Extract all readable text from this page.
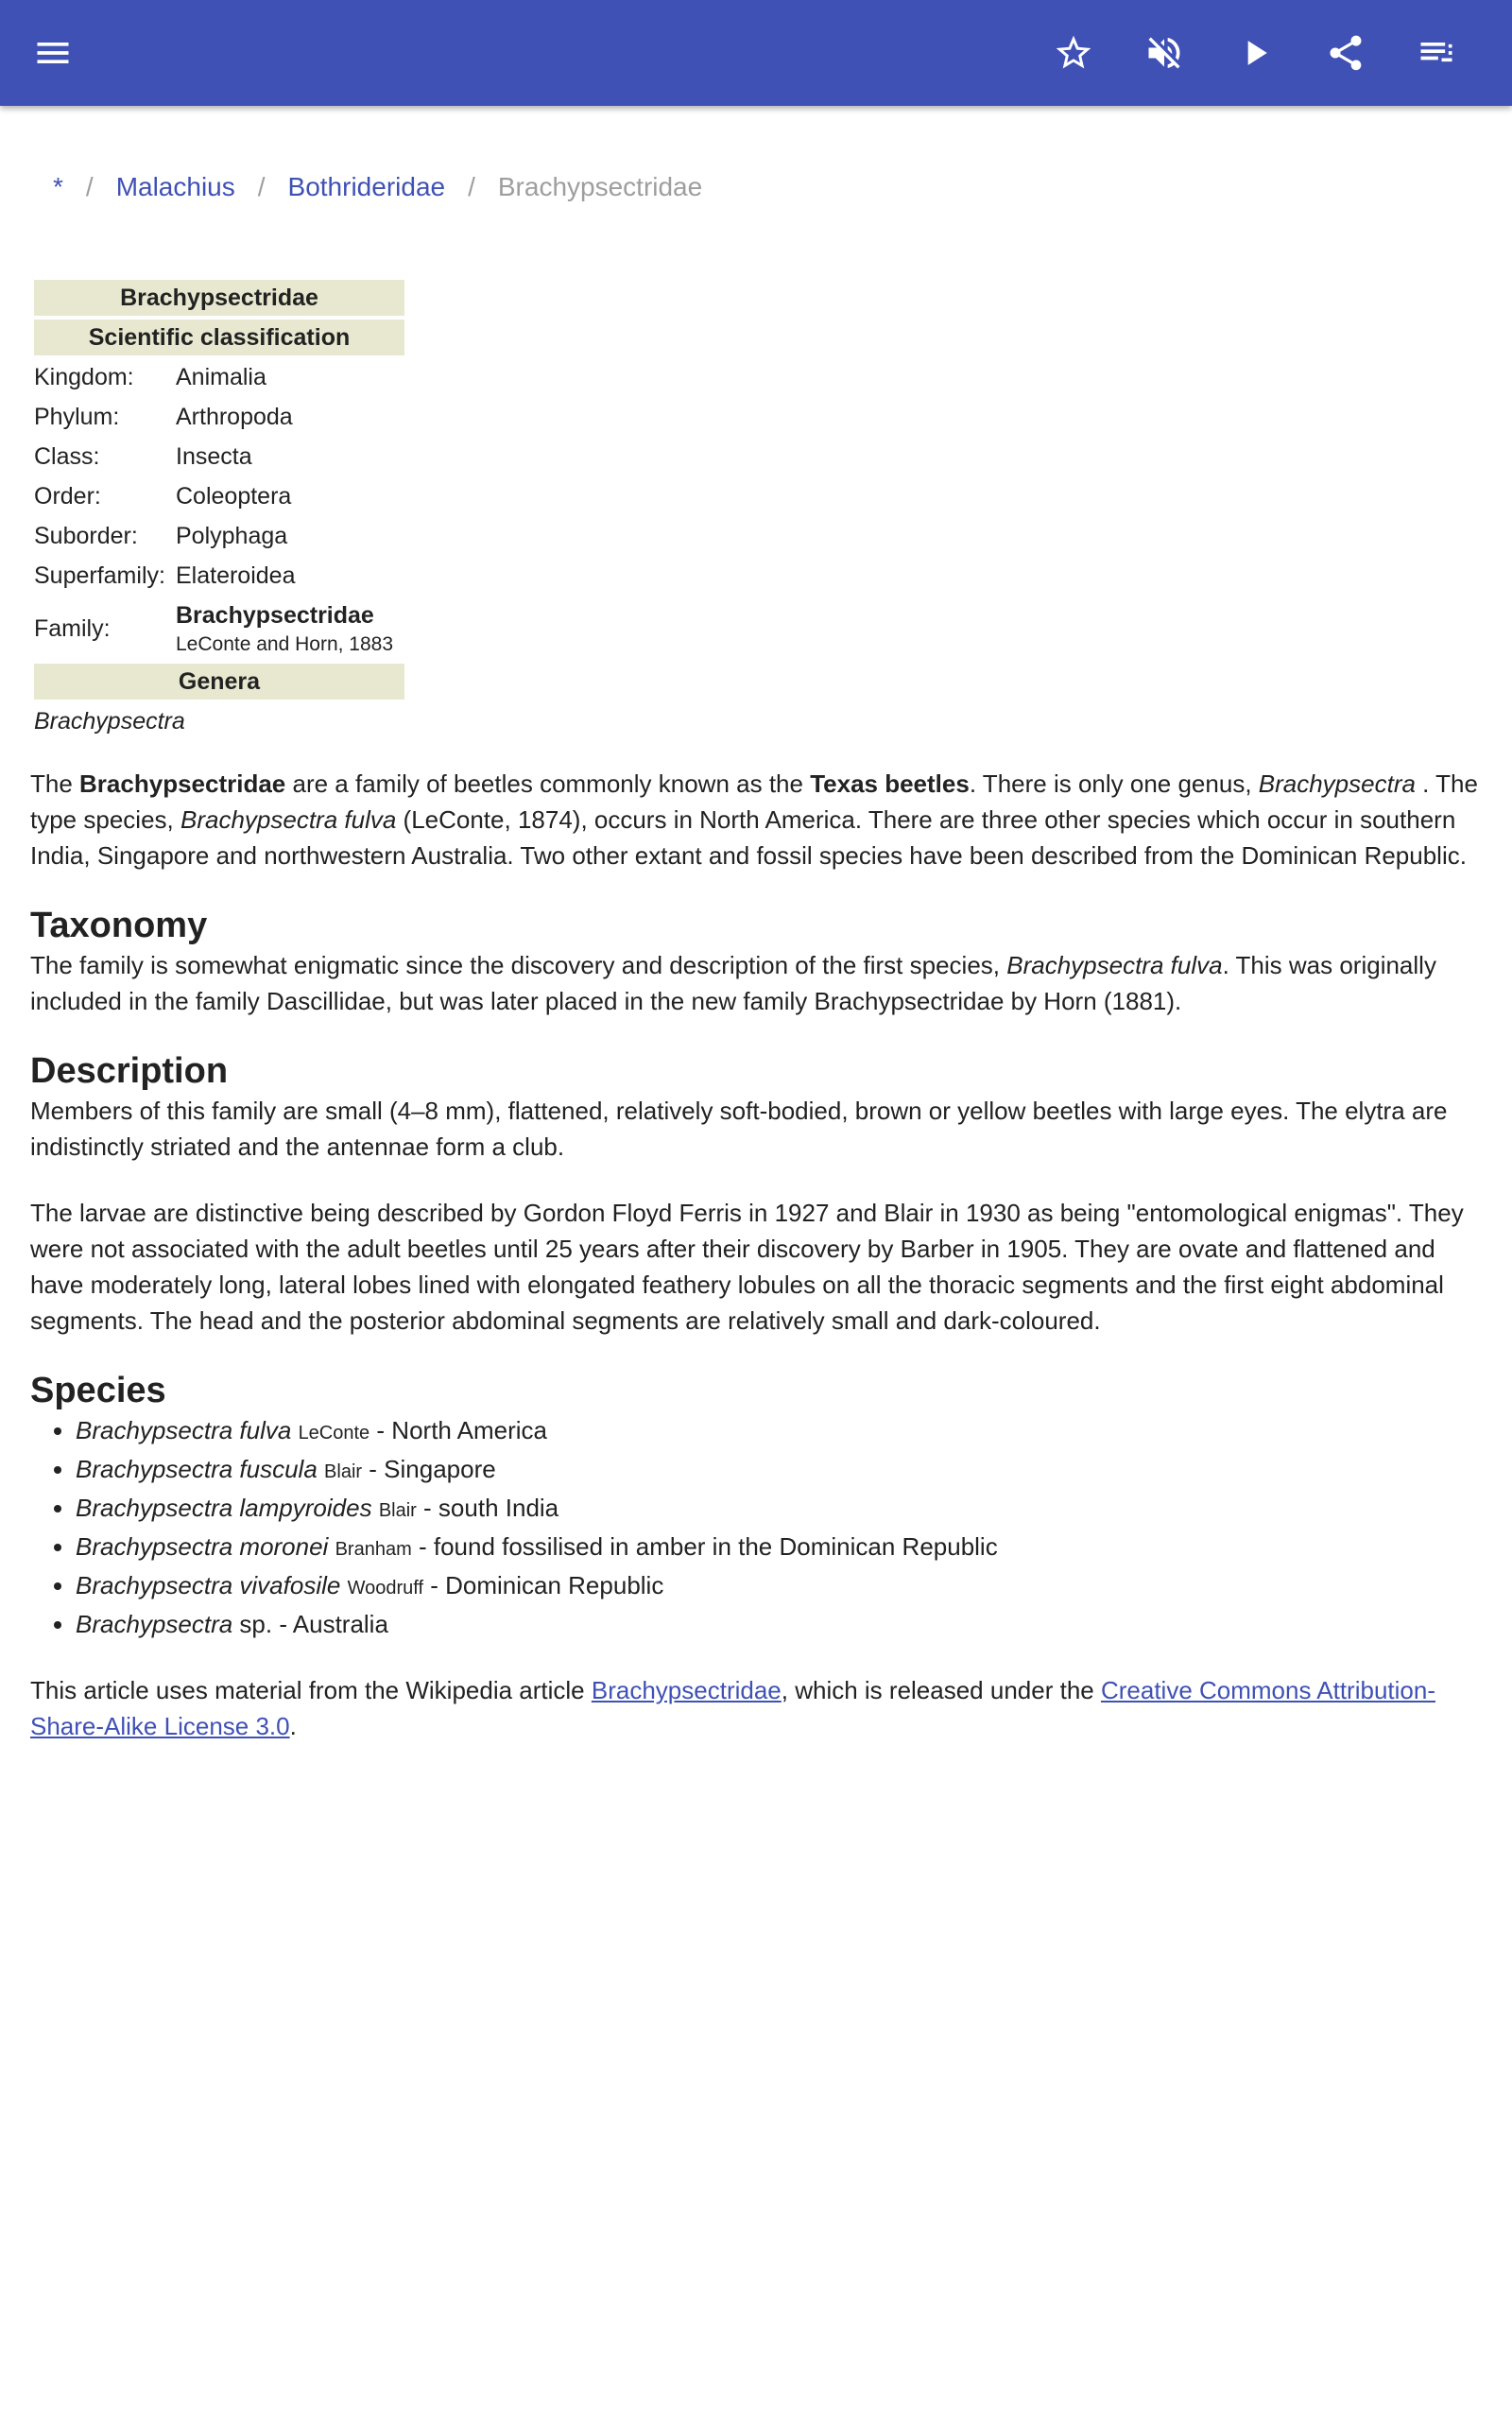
* / Malachius / Bothrideridae / Brachypsectridae
Brachypsectridae	
Scientific classification	
Kingdom:	Animalia
Phylum:	Arthropoda
Class:	Insecta
Order:	Coleoptera
Suborder:	Polyphaga
Superfamily:	Elateroidea
Family:	Brachypsectridae
LeConte and Horn, 1883

Genera	
Brachypsectra	

The Brachypsectridae are a family of beetles commonly known as the Texas beetles. There is only one genus, Brachypsectra . The type species, Brachypsectra fulva (LeConte, 1874), occurs in North America. There are three other species which occur in southern India, Singapore and northwestern Australia. Two other extant and fossil species have been described from the Dominican Republic.

Taxonomy

The family is somewhat enigmatic since the discovery and description of the first species, Brachypsectra fulva. This was originally included in the family Dascillidae, but was later placed in the new family Brachypsectridae by Horn (1881).

Description

Members of this family are small (4–8 mm), flattened, relatively soft-bodied, brown or yellow beetles with large eyes. The elytra are indistinctly striated and the antennae form a club.

The larvae are distinctive being described by Gordon Floyd Ferris in 1927 and Blair in 1930 as being "entomological enigmas". They were not associated with the adult beetles until 25 years after their discovery by Barber in 1905. They are ovate and flattened and have moderately long, lateral lobes lined with elongated feathery lobules on all the thoracic segments and the first eight abdominal segments. The head and the posterior abdominal segments are relatively small and dark-coloured.

Species
• Brachypsectra fulva LeConte - North America
• Brachypsectra fuscula Blair - Singapore
• Brachypsectra lampyroides Blair - south India
• Brachypsectra moronei Branham - found fossilised in amber in the Dominican Republic
• Brachypsectra vivafosile Woodruff - Dominican Republic
• Brachypsectra sp. - Australia

This article uses material from the Wikipedia article Brachypsectridae, which is released under the Creative Commons Attribution-Share-Alike License 3.0.
